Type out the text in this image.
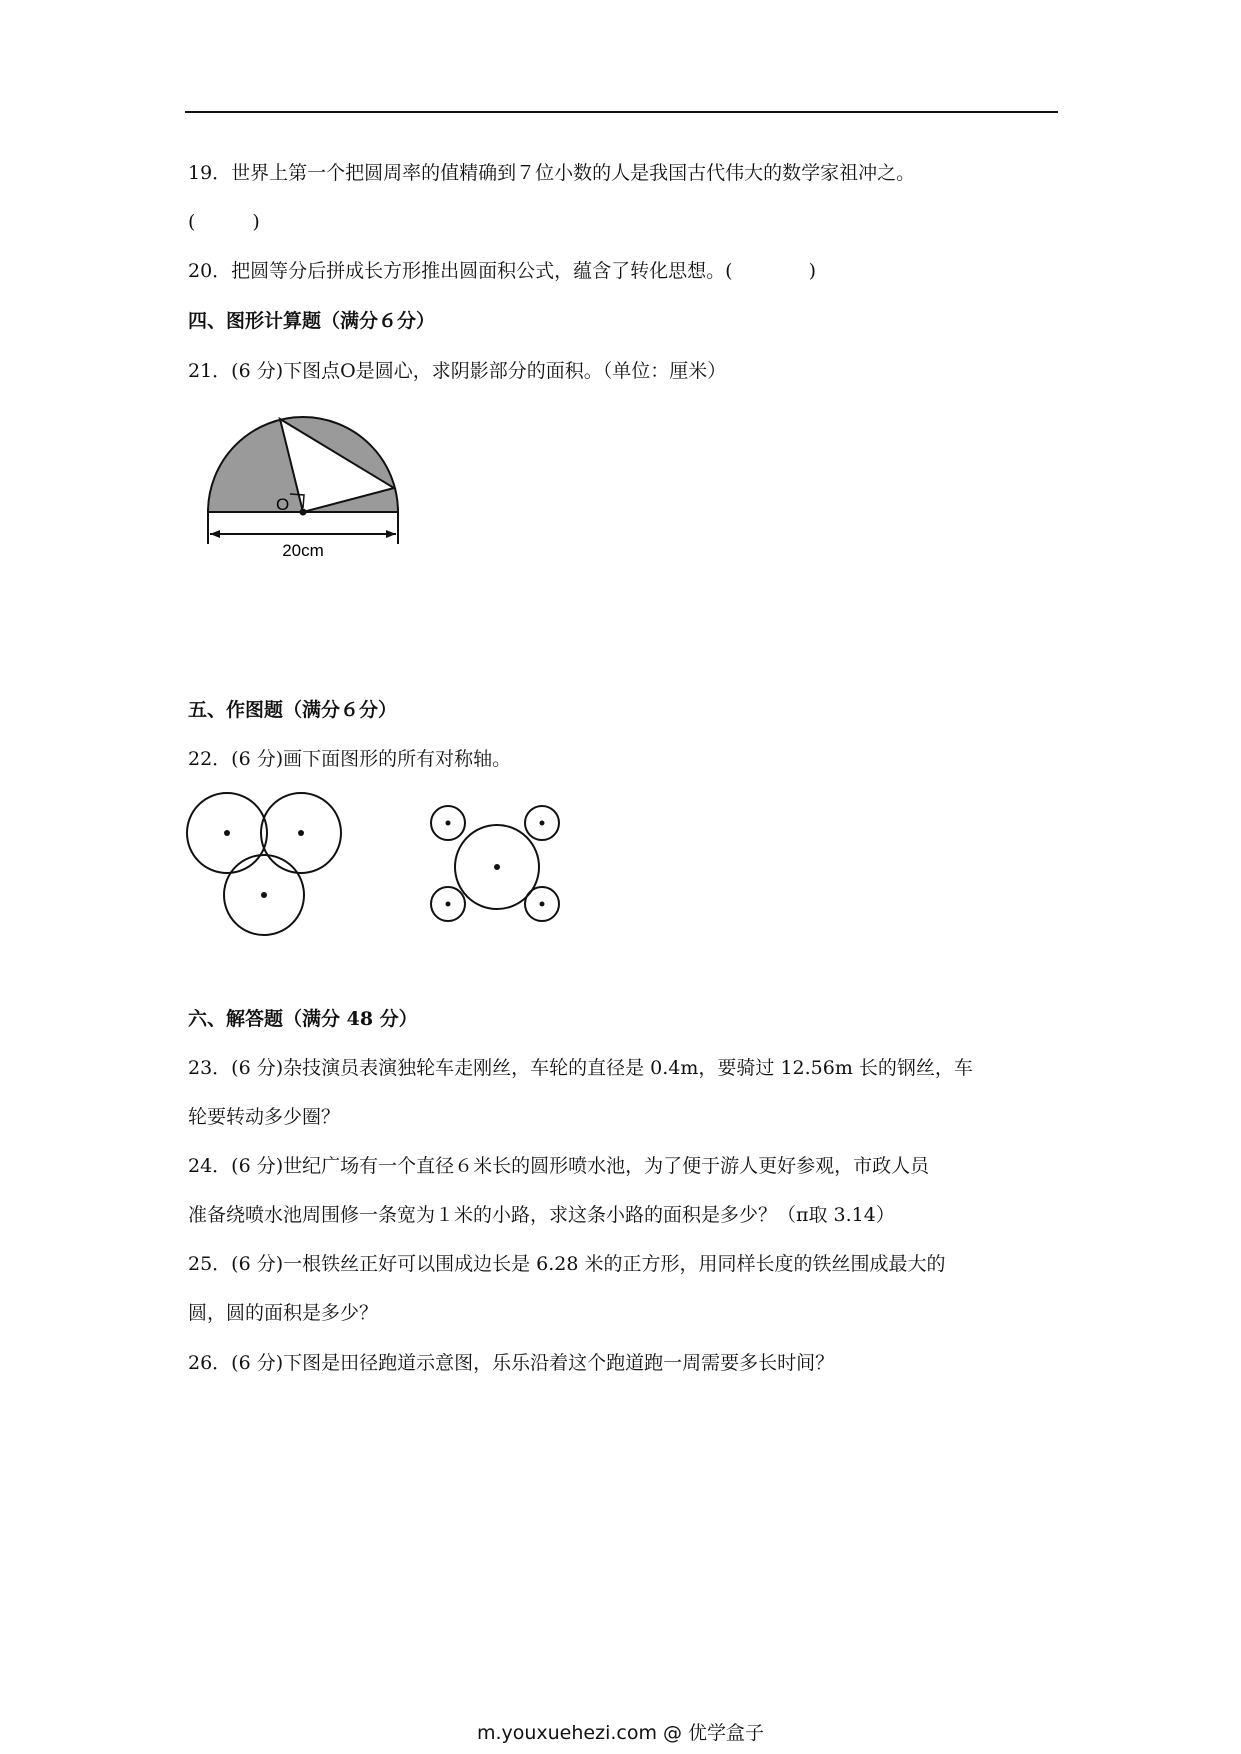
19．世界上第一个把圆周率的值精确到７位小数的人是我国古代伟大的数学家祖冲之。
(　　　)
20．把圆等分后拼成长方形推出圆面积公式，蕴含了转化思想。(　　　　)
四、图形计算题（满分６分）
21．(6 分)下图点O是圆心，求阴影部分的面积。（单位：厘米）
O
20cm
五、作图题（满分６分）
22．(6 分)画下面图形的所有对称轴。
六、解答题（满分 48 分）
23．(6 分)杂技演员表演独轮车走刚丝，车轮的直径是 0.4m，要骑过 12.56m 长的钢丝，车
轮要转动多少圈？
24．(6 分)世纪广场有一个直径６米长的圆形喷水池，为了便于游人更好参观，市政人员
准备绕喷水池周围修一条宽为１米的小路，求这条小路的面积是多少？（π取 3.14）
25．(6 分)一根铁丝正好可以围成边长是 6.28 米的正方形，用同样长度的铁丝围成最大的
圆，圆的面积是多少？
26．(6 分)下图是田径跑道示意图，乐乐沿着这个跑道跑一周需要多长时间？
m.youxuehezi.com @ 优学盒子
